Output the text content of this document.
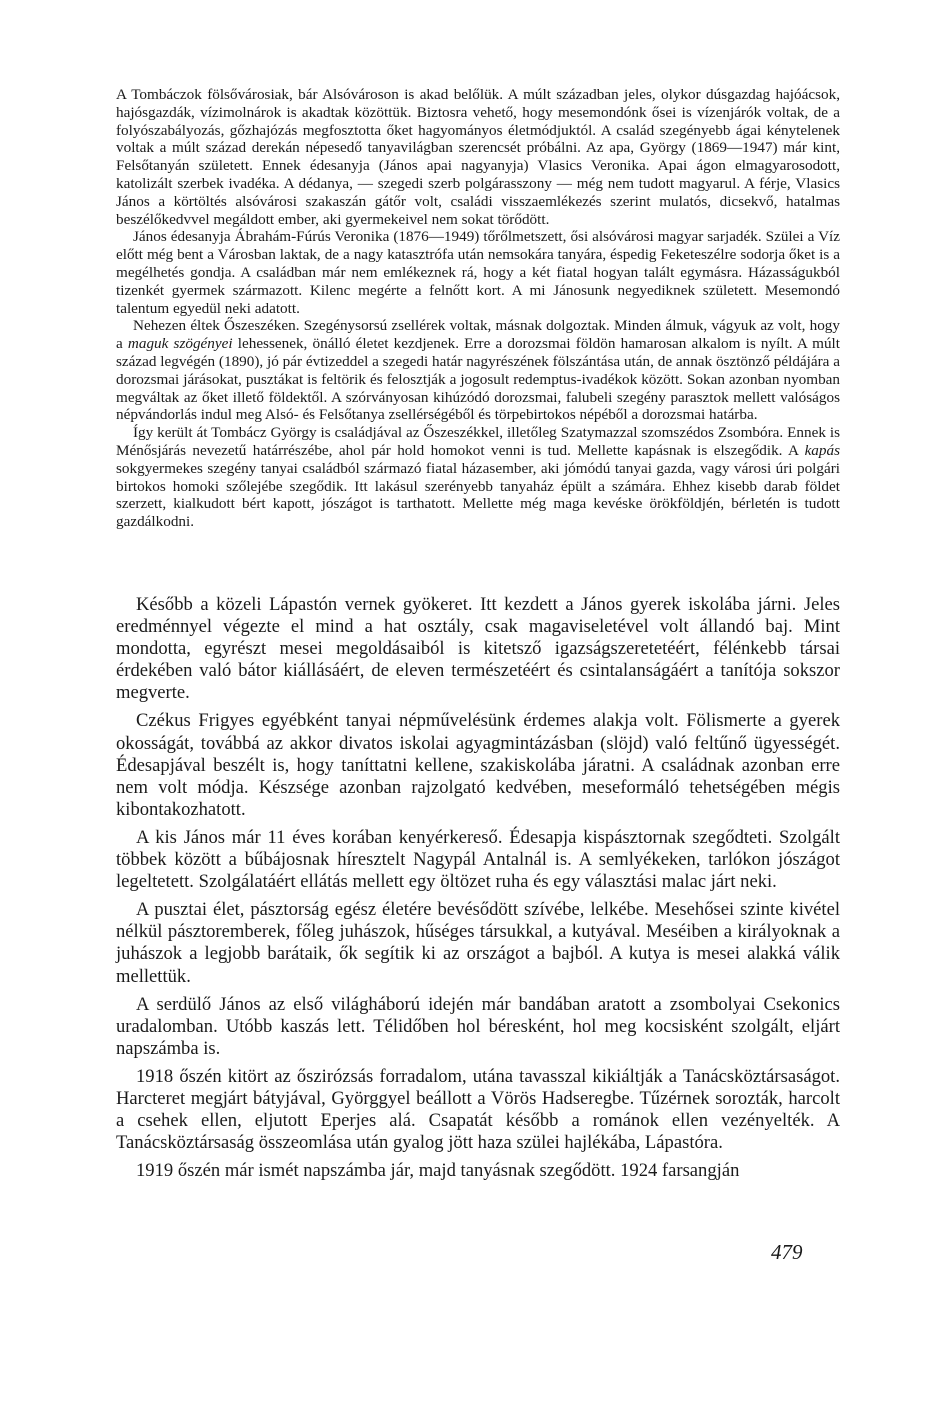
A Tombáczok fölsővárosiak, bár Alsóvároson is akad belőlük. A múlt században jeles, olykor dúsgazdag hajóácsok, hajósgazdák, vízimolnárok is akadtak közöttük. Biztosra vehető, hogy mesemondónk ősei is vízenjárók voltak, de a folyószabályozás, gőzhajózás megfosztotta őket hagyományos életmódjuktól. A család szegényebb ágai kénytelenek voltak a múlt század derekán népesedő tanyavilágban szerencsét próbálni. Az apa, György (1869—1947) már kint, Felsőtanyán született. Ennek édesanyja (János apai nagyanyja) Vlasics Veronika. Apai ágon elmagyarosodott, katolizált szerbek ivadéka. A dédanya, — szegedi szerb polgárasszony — még nem tudott magyarul. A férje, Vlasics János a körtöltés alsóvárosi szakaszán gátőr volt, családi visszaemlékezés szerint mulatós, dicsekvő, hatalmas beszélőkedvvel megáldott ember, aki gyermekeivel nem sokat törődött.

János édesanyja Ábrahám-Fúrús Veronika (1876—1949) tőrőlmetszett, ősi alsóvárosi magyar sarjadék. Szülei a Víz előtt még bent a Városban laktak, de a nagy katasztrófa után nemsokára tanyára, éspedig Feketeszélre sodorja őket is a megélhetés gondja. A családban már nem emlékeznek rá, hogy a két fiatal hogyan talált egymásra. Házasságukból tizenkét gyermek származott. Kilenc megérte a felnőtt kort. A mi Jánosunk negyediknek született. Mesemondó talentum egyedül neki adatott.

Nehezen éltek Őszeszéken. Szegénysorsú zsellérek voltak, másnak dolgoztak. Minden álmuk, vágyuk az volt, hogy a maguk szögényei lehessenek, önálló életet kezdjenek. Erre a dorozsmai földön hamarosan alkalom is nyílt. A múlt század legvégén (1890), jó pár évtizeddel a szegedi határ nagyrészének fölszántása után, de annak ösztönző példájára a dorozsmai járásokat, pusztákat is feltörik és felosztják a jogosult redemptus-ivadékok között. Sokan azonban nyomban megváltak az őket illető földektől. A szórványosan kihúzódó dorozsmai, falubeli szegény parasztok mellett valóságos népvándorlás indul meg Alsó- és Felsőtanya zsellérségéből és törpebirtokos népéből a dorozsmai határba.

Így került át Tombácz György is családjával az Őszeszékkel, illetőleg Szatymazzal szomszédos Zsombóra. Ennek is Ménősjárás nevezetű határrészébe, ahol pár hold homokot venni is tud. Mellette kapásnak is elszegődik. A kapás sokgyermekes szegény tanyai családból származó fiatal házasember, aki jómódú tanyai gazda, vagy városi úri polgári birtokos homoki szőlejébe szegődik. Itt lakásul szerényebb tanyaház épült a számára. Ehhez kisebb darab földet szerzett, kialkudott bért kapott, jószágot is tarthatott. Mellette még maga kevéske örökföldjén, bérletén is tudott gazdálkodni.

Később a közeli Lápastón vernek gyökeret. Itt kezdett a János gyerek iskolába járni. Jeles eredménnyel végezte el mind a hat osztály, csak magaviseletével volt állandó baj. Mint mondotta, egyrészt mesei megoldásaiból is kitetsző igazságszeretetéért, félénkebb társai érdekében való bátor kiállásáért, de eleven természetéért és csintalanságáért a tanítója sokszor megverte.

Czékus Frigyes egyébként tanyai népművelésünk érdemes alakja volt. Fölismerte a gyerek okosságát, továbbá az akkor divatos iskolai agyagmintázásban (slöjd) való feltűnő ügyességét. Édesapjával beszélt is, hogy taníttatni kellene, szakiskolába járatni. A családnak azonban erre nem volt módja. Készsége azonban rajzolgató kedvében, meseformáló tehetségében mégis kibontakozhatott.

A kis János már 11 éves korában kenyérkereső. Édesapja kispásztornak szegődteti. Szolgált többek között a bűbájosnak híresztelt Nagypál Antalnál is. A semlyékeken, tarlókon jószágot legeltetett. Szolgálatáért ellátás mellett egy öltözet ruha és egy választási malac járt neki.

A pusztai élet, pásztorság egész életére bevésődött szívébe, lelkébe. Mesehősei szinte kivétel nélkül pásztoremberek, főleg juhászok, hűséges társukkal, a kutyával. Meséiben a királyoknak a juhászok a legjobb barátaik, ők segítik ki az országot a bajból. A kutya is mesei alakká válik mellettük.

A serdülő János az első világháború idején már bandában aratott a zsombolyai Csekonics uradalomban. Utóbb kaszás lett. Télidőben hol béresként, hol meg kocsisként szolgált, eljárt napszámba is.

1918 őszén kitört az őszirózsás forradalom, utána tavasszal kikiáltják a Tanácsköztársaságot. Harcteret megjárt bátyjával, Györggyel beállott a Vörös Hadseregbe. Tűzérnek sorozták, harcolt a csehek ellen, eljutott Eperjes alá. Csapatát később a románok ellen vezényelték. A Tanácsköztársaság összeomlása után gyalog jött haza szülei hajlékába, Lápastóra.

1919 őszén már ismét napszámba jár, majd tanyásnak szegődött. 1924 farsangján

479
